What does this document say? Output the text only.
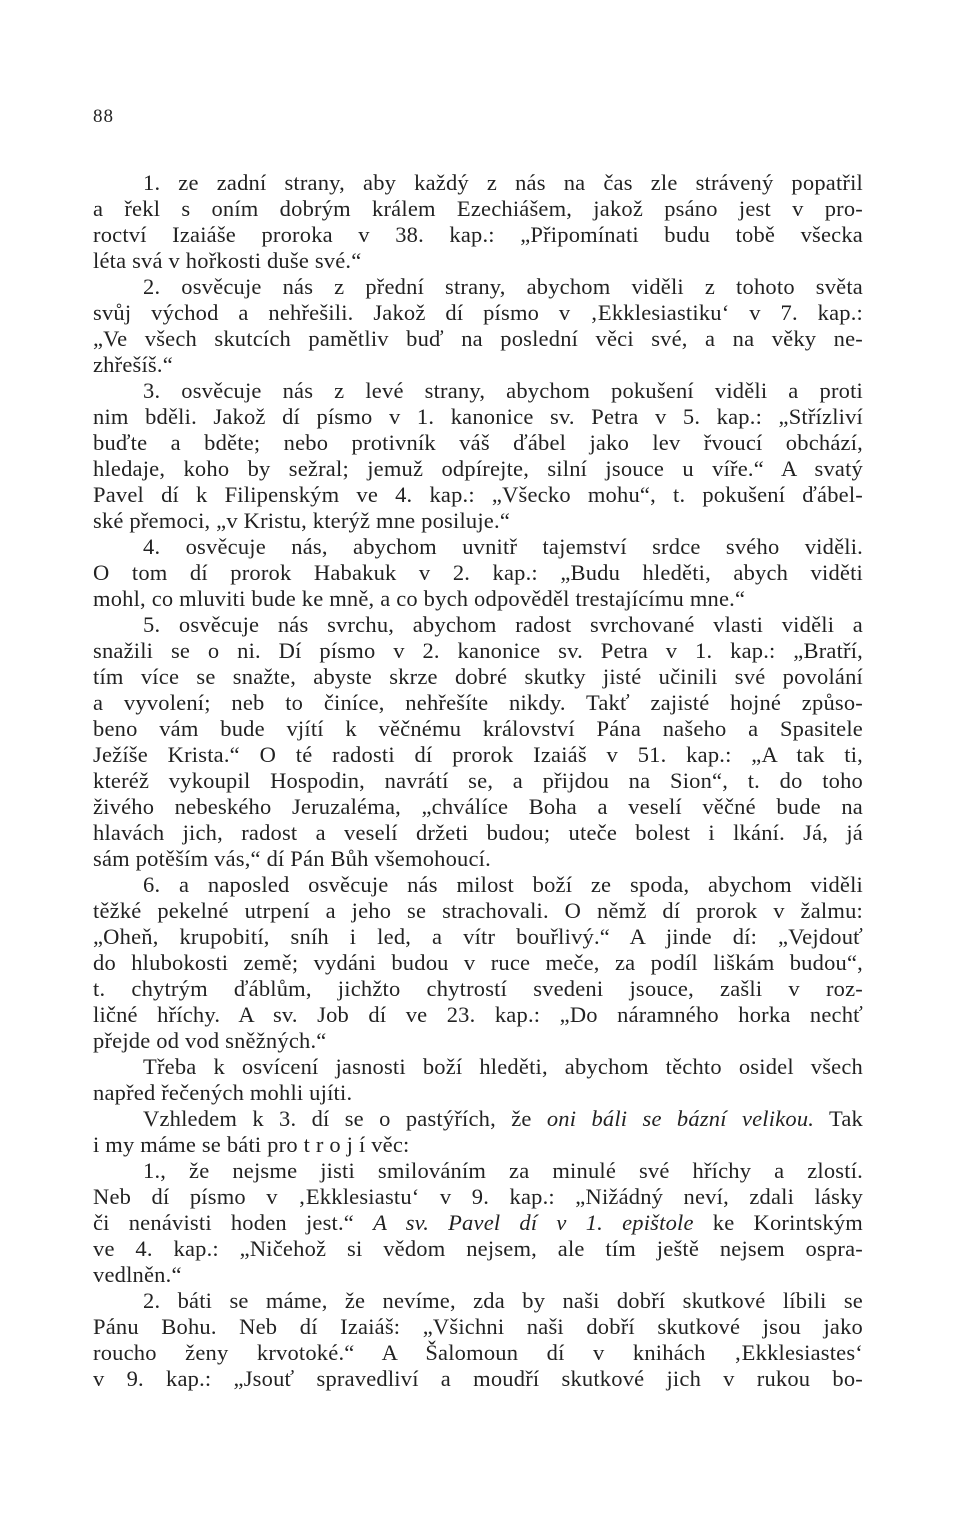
88
1. ze zadní strany, aby každý z nás na čas zle strávený popatřil
a řekl s oním dobrým králem Ezechiášem, jakož psáno jest v pro-
roctví Izaiáše proroka v 38. kap.: „Připomínati budu tobě všecka
léta svá v hořkosti duše své.“
2. osvěcuje nás z přední strany, abychom viděli z tohoto světa
svůj východ a nehřešili. Jakož dí písmo v ‚Ekklesiastiku‘ v 7. kap.:
„Ve všech skutcích pamětliv buď na poslední věci své, a na věky ne-
zhřešíš.“
3. osvěcuje nás z levé strany, abychom pokušení viděli a proti
nim bděli. Jakož dí písmo v 1. kanonice sv. Petra v 5. kap.: „Střízliví
buďte a bděte; nebo protivník váš ďábel jako lev řvoucí obchází,
hledaje, koho by sežral; jemuž odpírejte, silní jsouce u víře.“ A svatý
Pavel dí k Filipenským ve 4. kap.: „Všecko mohu“, t. pokušení ďábel-
ské přemoci, „v Kristu, kterýž mne posiluje.“
4. osvěcuje nás, abychom uvnitř tajemství srdce svého viděli.
O tom dí prorok Habakuk v 2. kap.: „Budu hleděti, abych viděti
mohl, co mluviti bude ke mně, a co bych odpověděl trestajícímu mne.“
5. osvěcuje nás svrchu, abychom radost svrchované vlasti viděli a
snažili se o ni. Dí písmo v 2. kanonice sv. Petra v 1. kap.: „Bratří,
tím více se snažte, abyste skrze dobré skutky jisté učinili své povolání
a vyvolení; neb to činíce, nehřešíte nikdy. Takť zajisté hojné způso-
beno vám bude vjítí k věčnému království Pána našeho a Spasitele
Ježíše Krista.“ O té radosti dí prorok Izaiáš v 51. kap.: „A tak ti,
kteréž vykoupil Hospodin, navrátí se, a přijdou na Sion“, t. do toho
živého nebeského Jeruzaléma, „chválíce Boha a veselí věčné bude na
hlavách jich, radost a veselí držeti budou; uteče bolest i lkání. Já, já
sám potěším vás,“ dí Pán Bůh všemohoucí.
6. a naposled osvěcuje nás milost boží ze spoda, abychom viděli
těžké pekelné utrpení a jeho se strachovali. O němž dí prorok v žalmu:
„Oheň, krupobití, sníh i led, a vítr bouřlivý.“ A jinde dí: „Vejdouť
do hlubokosti země; vydáni budou v ruce meče, za podíl liškám budou“,
t. chytrým ďáblům, jichžto chytrostí svedeni jsouce, zašli v roz-
ličné hříchy. A sv. Job dí ve 23. kap.: „Do náramného horka nechť
přejde od vod sněžných.“
Třeba k osvícení jasnosti boží hleděti, abychom těchto osidel všech
napřed řečených mohli ujíti.
Vzhledem k 3. dí se o pastýřích, že oni báli se bázní velikou. Tak
i my máme se báti pro t r o j í věc:
1., že nejsme jisti smilováním za minulé své hříchy a zlostí.
Neb dí písmo v ‚Ekklesiastu‘ v 9. kap.: „Nižádný neví, zdali lásky
či nenávisti hoden jest.“ A sv. Pavel dí v 1. epištole ke Korintským
ve 4. kap.: „Ničehož si vědom nejsem, ale tím ještě nejsem ospra-
vedlněn.“
2. báti se máme, že nevíme, zda by naši dobří skutkové líbili se
Pánu Bohu. Neb dí Izaiáš: „Všichni naši dobří skutkové jsou jako
roucho ženy krvotoké.“ A Šalomoun dí v knihách ‚Ekklesiastes‘
v 9. kap.: „Jsouť spravedliví a moudří skutkové jich v rukou bo-
